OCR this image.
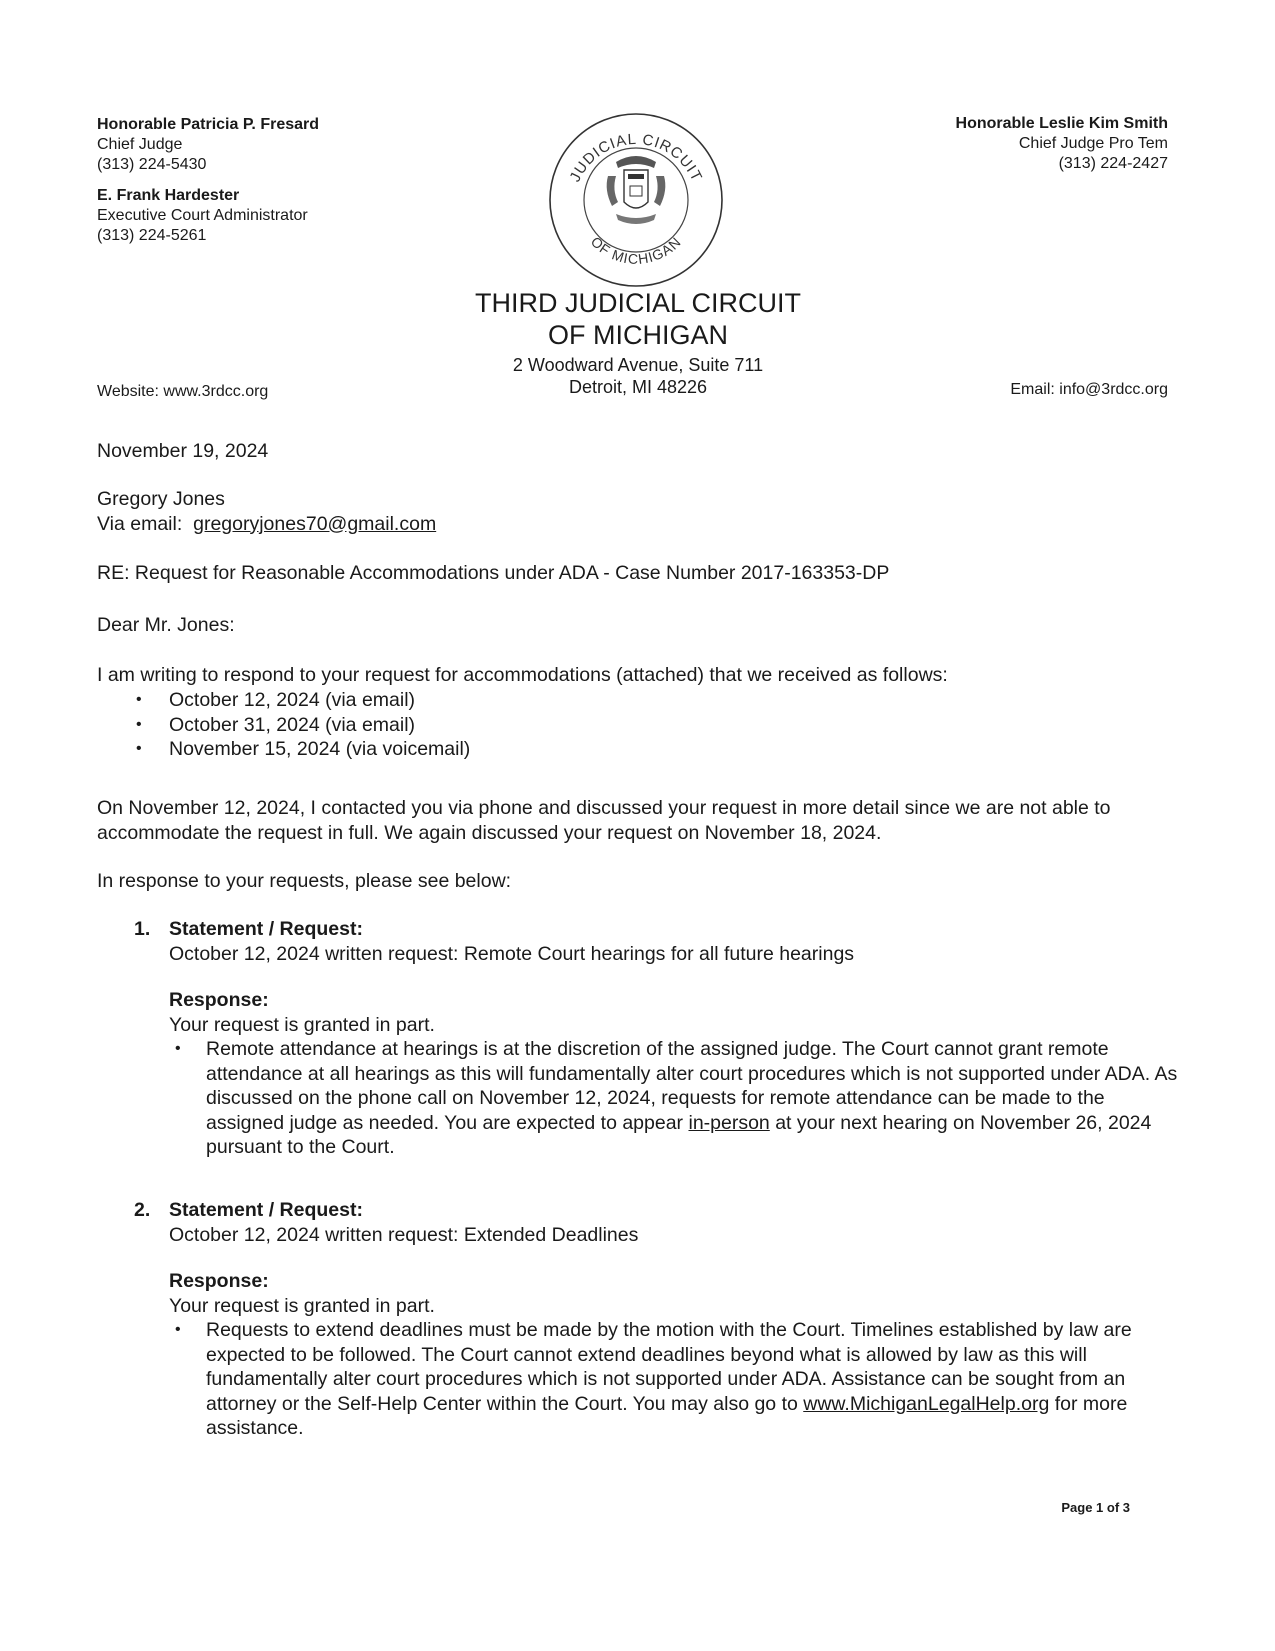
Honorable Patricia P. Fresard
Chief Judge
(313) 224-5430
E. Frank Hardester
Executive Court Administrator
(313) 224-5261
Honorable Leslie Kim Smith
Chief Judge Pro Tem
(313) 224-2427
JUDICIAL CIRCUIT
OF MICHIGAN
THIRD JUDICIAL CIRCUIT
OF MICHIGAN
2 Woodward Avenue, Suite 711
Detroit, MI 48226
Website: www.3rdcc.org	Email: info@3rdcc.org
November 19, 2024

Gregory Jones

Via email: gregoryjones70@gmail.com

RE: Request for Reasonable Accommodations under ADA - Case Number 2017-163353-DP
Dear Mr. Jones:
I am writing to respond to your request for accommodations (attached) that we received as follows:
• October 12, 2024 (via email)
• October 31, 2024 (via email)
• November 15, 2024 (via voicemail)
On November 12, 2024, I contacted you via phone and discussed your request in more detail since we are not able to accommodate the request in full. We again discussed your request on November 18, 2024.
In response to your requests, please see below:
1. Statement / Request:

October 12, 2024 written request: Remote Court hearings for all future hearings

Response:

Your request is granted in part.

• Remote attendance at hearings is at the discretion of the assigned judge. The Court cannot grant remote attendance at all hearings as this will fundamentally alter court procedures which is not supported under ADA. As discussed on the phone call on November 12, 2024, requests for remote attendance can be made to the assigned judge as needed. You are expected to appear in-person at your next hearing on November 26, 2024 pursuant to the Court.
2. Statement / Request:

October 12, 2024 written request: Extended Deadlines

Response:

Your request is granted in part.

• Requests to extend deadlines must be made by the motion with the Court. Timelines established by law are expected to be followed. The Court cannot extend deadlines beyond what is allowed by law as this will fundamentally alter court procedures which is not supported under ADA. Assistance can be sought from an attorney or the Self-Help Center within the Court. You may also go to www.MichiganLegalHelp.org for more assistance.
Page 1 of 3
